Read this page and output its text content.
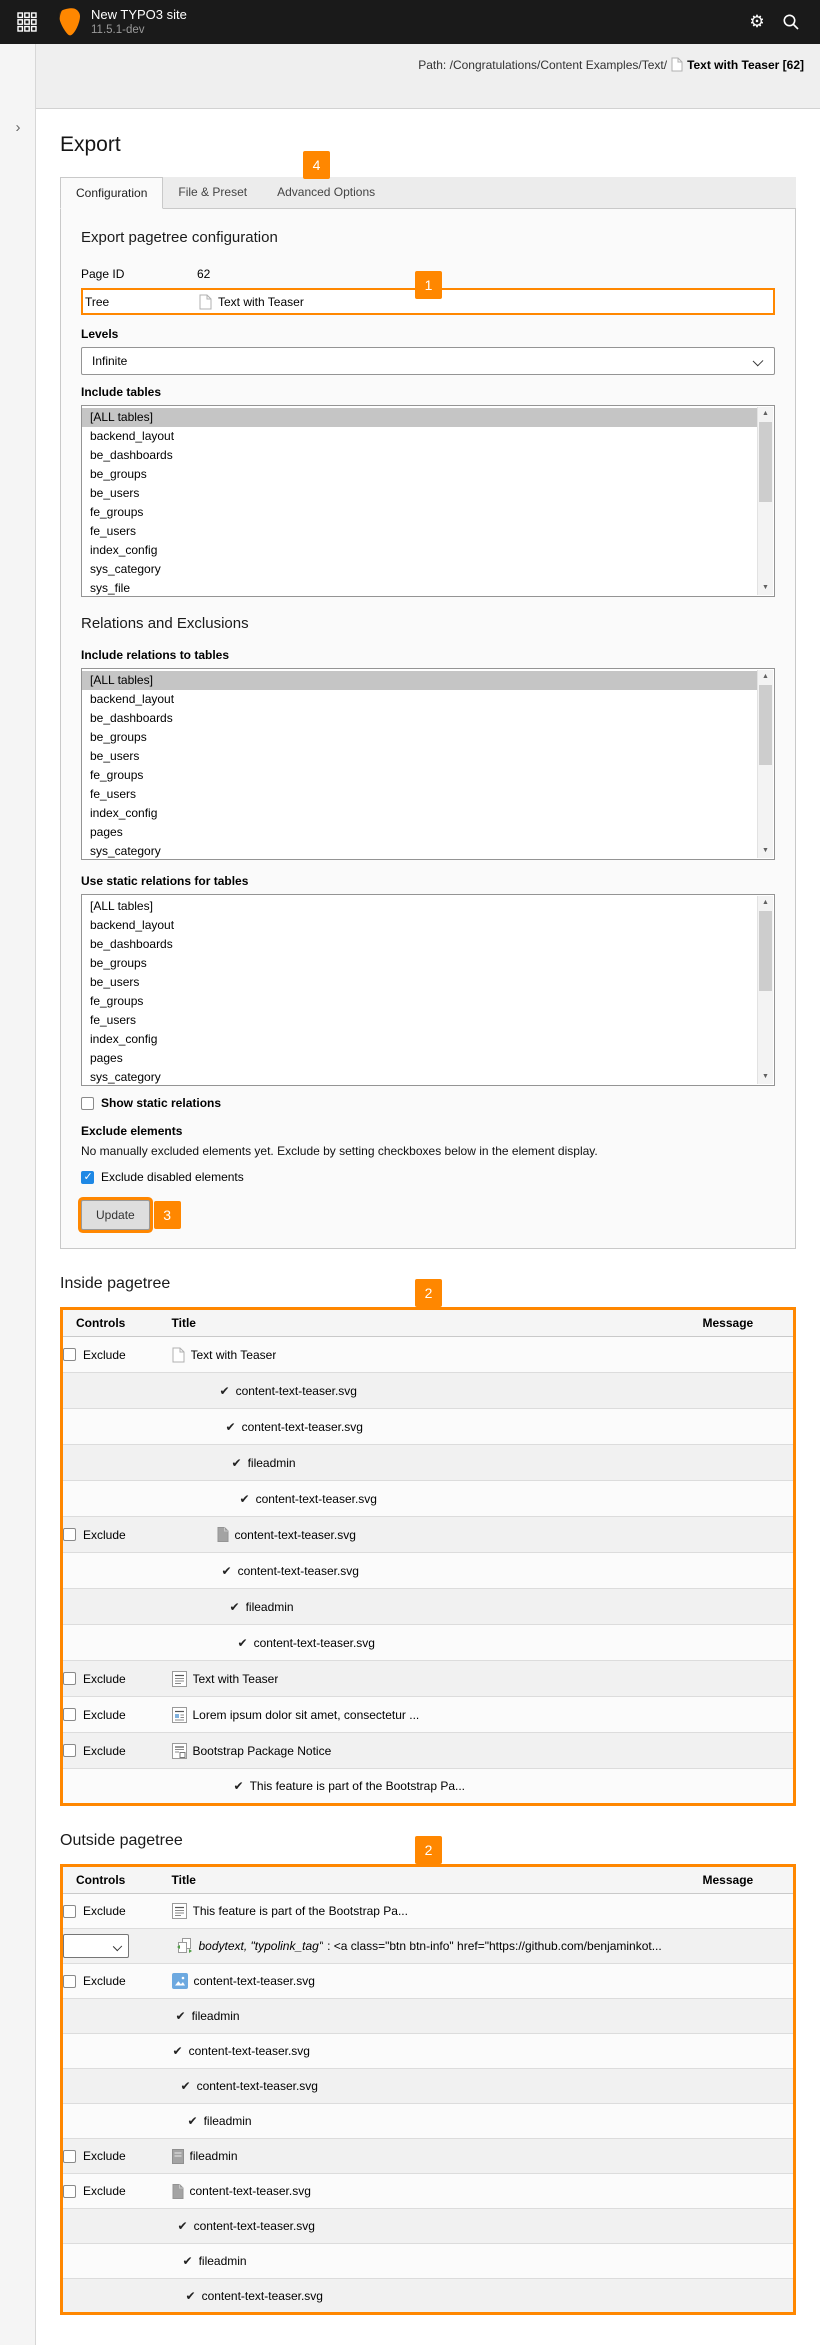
New TYPO3 site
11.5.1-dev	⚙
Path: /Congratulations/Content Examples/Text/ Text with Teaser [62]
›
Export
4
Configuration	File & Preset	Advanced Options
Export pagetree configuration
Page ID	62
1
Tree	Text with Teaser
Levels
Infinite
Include tables
[ALL tables]
backend_layout
be_dashboards
be_groups
be_users
fe_groups
fe_users
index_config
sys_category
sys_file
▲
▼
Relations and Exclusions
Include relations to tables
[ALL tables]
backend_layout
be_dashboards
be_groups
be_users
fe_groups
fe_users
index_config
pages
sys_category
▲
▼
Use static relations for tables
[ALL tables]
backend_layout
be_dashboards
be_groups
be_users
fe_groups
fe_users
index_config
pages
sys_category
▲
▼
Show static relations
Exclude elements
No manually excluded elements yet. Exclude by setting checkboxes below in the element display.
✓
Exclude disabled elements
Update	3
Inside pagetree
2
Controls	Title	Message

Exclude	Text with Teaser	

	✔ content-text-teaser.svg	

	✔ content-text-teaser.svg	

	✔ fileadmin	

	✔ content-text-teaser.svg	

Exclude	content-text-teaser.svg	

	✔ content-text-teaser.svg	

	✔ fileadmin	

	✔ content-text-teaser.svg	

Exclude	Text with Teaser	

Exclude	Lorem ipsum dolor sit amet, consectetur ...	

Exclude	Bootstrap Package Notice	

	✔ This feature is part of the Bootstrap Pa...	

Outside pagetree
2
Controls	Title	Message

Exclude	This feature is part of the Bootstrap Pa...	

	bodytext, "typolink_tag" : <a class="btn btn-info" href="https://github.com/benjaminkot...	

Exclude	content-text-teaser.svg	

	✔ fileadmin	

	✔ content-text-teaser.svg	

	✔ content-text-teaser.svg	

	✔ fileadmin	

Exclude	fileadmin	

Exclude	content-text-teaser.svg	

	✔ content-text-teaser.svg	

	✔ fileadmin	

	✔ content-text-teaser.svg	
